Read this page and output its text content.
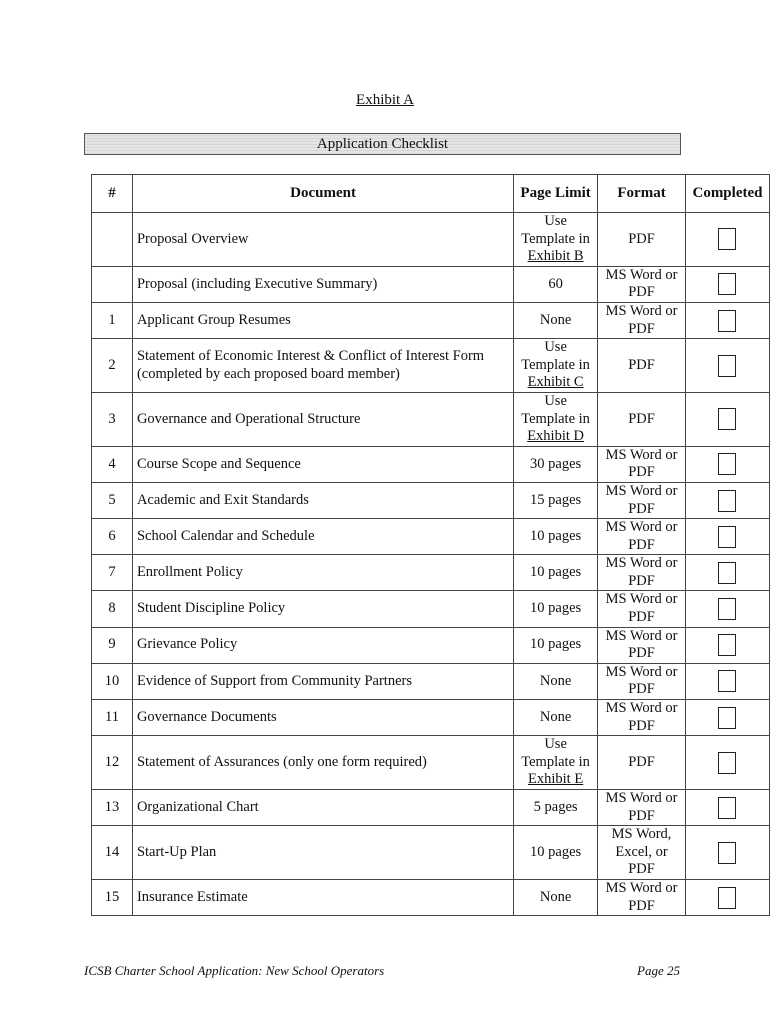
Exhibit A
Application Checklist
#	Document	Page Limit	Format	Completed
	Proposal Overview	Use
Template in
Exhibit B	PDF	

	Proposal (including Executive Summary)	60	MS Word or
PDF	

1	Applicant Group Resumes	None	MS Word or
PDF	

2	Statement of Economic Interest & Conflict of Interest Form (completed by each proposed board member)	Use
Template in
Exhibit C	PDF	

3	Governance and Operational Structure	Use
Template in
Exhibit D	PDF	

4	Course Scope and Sequence	30 pages	MS Word or
PDF	

5	Academic and Exit Standards	15 pages	MS Word or
PDF	

6	School Calendar and Schedule	10 pages	MS Word or
PDF	

7	Enrollment Policy	10 pages	MS Word or
PDF	

8	Student Discipline Policy	10 pages	MS Word or
PDF	

9	Grievance Policy	10 pages	MS Word or
PDF	

10	Evidence of Support from Community Partners	None	MS Word or
PDF	

11	Governance Documents	None	MS Word or
PDF	

12	Statement of Assurances (only one form required)	Use
Template in
Exhibit E	PDF	

13	Organizational Chart	5 pages	MS Word or
PDF	

14	Start-Up Plan	10 pages	MS Word,
Excel, or
PDF	

15	Insurance Estimate	None	MS Word or
PDF	

ICSB Charter School Application: New School Operators	Page 25
